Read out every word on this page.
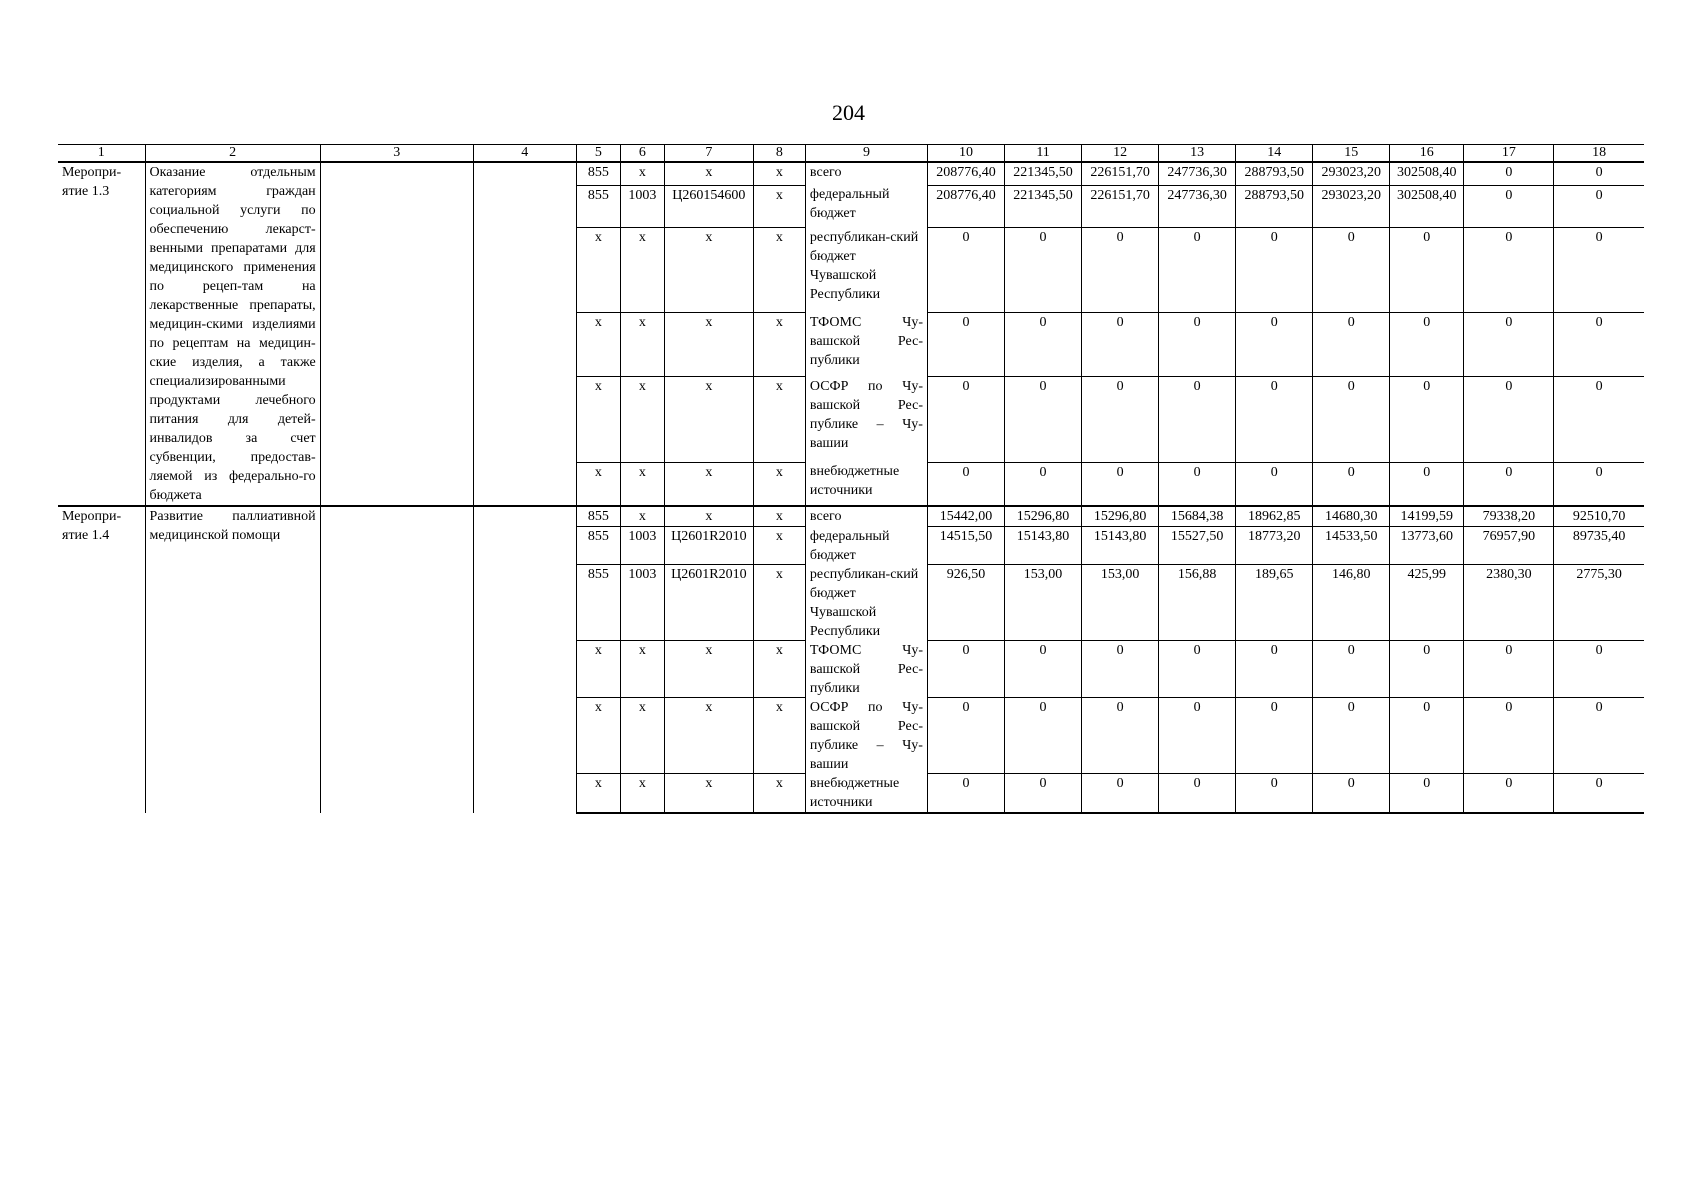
204
1	2	3	4	5	6	7	8	9	10	11	12	13	14	15	16	17	18
Меропри-ятие 1.3	Оказание отдельным категориям граждан социальной услуги по обеспечению лекарст-венными препаратами для медицинского применения по рецеп-там на лекарственные препараты, медицин-скими изделиями по рецептам на медицин-ские изделия, а также специализированными продуктами лечебного питания для детей-инвалидов за счет субвенции, предостав-ляемой из федерально-го бюджета			855	x	x	x	всего	208776,40	221345,50	226151,70	247736,30	288793,50	293023,20	302508,40	0	0
				855	1003	Ц260154600	x	федеральный бюджет	208776,40	221345,50	226151,70	247736,30	288793,50	293023,20	302508,40	0	0
				x	x	x	x	республикан-ский бюджет Чувашской Республики	0	0	0	0	0	0	0	0	0
				x	x	x	x	ТФОМС Чу-вашской Рес-публики	0	0	0	0	0	0	0	0	0
				x	x	x	x	ОСФР по Чу-вашской Рес-публике – Чу-вашии	0	0	0	0	0	0	0	0	0
				x	x	x	x	внебюджетные источники	0	0	0	0	0	0	0	0	0
Меропри-ятие 1.4	Развитие паллиативной медицинской помощи			855	x	x	x	всего	15442,00	15296,80	15296,80	15684,38	18962,85	14680,30	14199,59	79338,20	92510,70
				855	1003	Ц2601R2010	x	федеральный бюджет	14515,50	15143,80	15143,80	15527,50	18773,20	14533,50	13773,60	76957,90	89735,40
				855	1003	Ц2601R2010	x	республикан-ский бюджет Чувашской Республики	926,50	153,00	153,00	156,88	189,65	146,80	425,99	2380,30	2775,30
				x	x	x	x	ТФОМС Чу-вашской Рес-публики	0	0	0	0	0	0	0	0	0
				x	x	x	x	ОСФР по Чу-вашской Рес-публике – Чу-вашии	0	0	0	0	0	0	0	0	0
				x	x	x	x	внебюджетные источники	0	0	0	0	0	0	0	0	0
